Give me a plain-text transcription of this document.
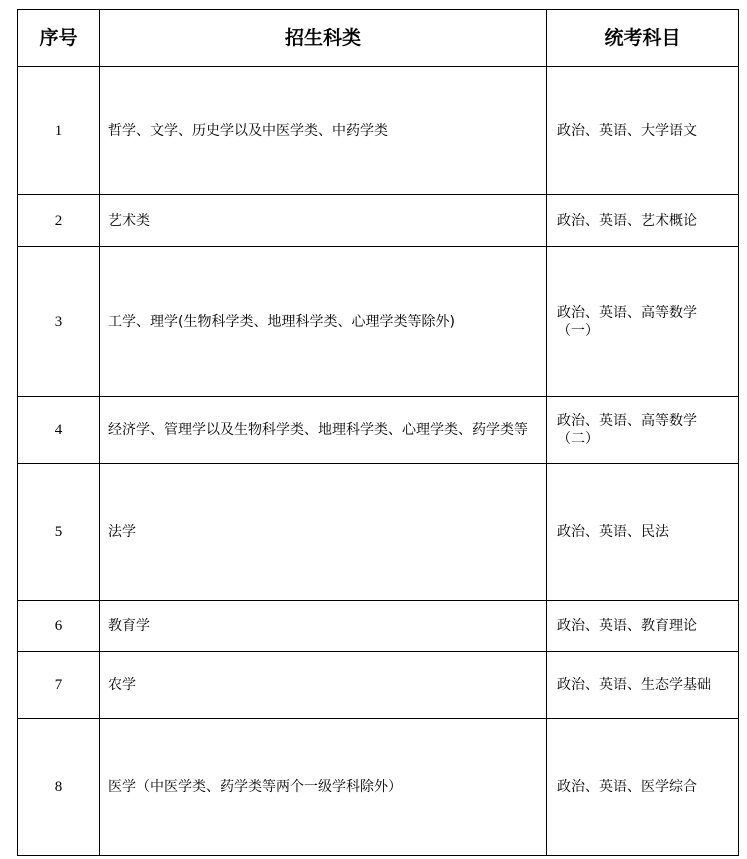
序号	招生科类	统考科目
1	哲学、文学、历史学以及中医学类、中药学类	政治、英语、大学语文
2	艺术类	政治、英语、艺术概论
3	工学、理学(生物科学类、地理科学类、心理学类等除外)	政治、英语、高等数学（一）
4	经济学、管理学以及生物科学类、地理科学类、心理学类、药学类等	政治、英语、高等数学（二）
5	法学	政治、英语、民法
6	教育学	政治、英语、教育理论
7	农学	政治、英语、生态学基础
8	医学（中医学类、药学类等两个一级学科除外）	政治、英语、医学综合
